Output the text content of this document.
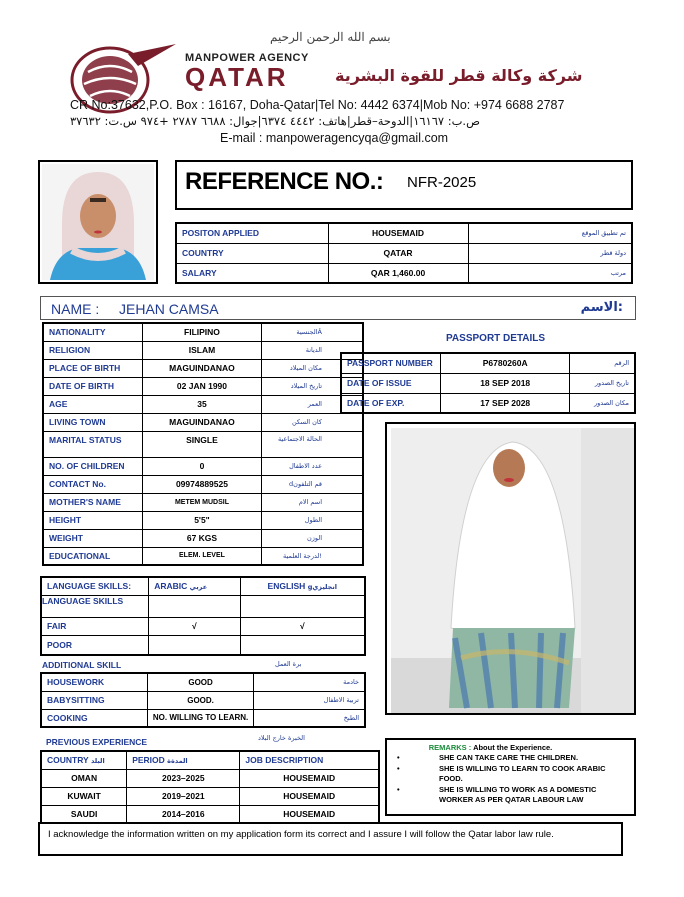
بسم الله الرحمن الرحيم
MANPOWER AGENCY
QATAR	شركة وكالة قطر للقوة البشرية
CR No:37632,P.O. Box : 16167, Doha-Qatar|Tel No: 4442 6374|Mob No: +974 6688 2787
ص.ب: ١٦١٦٧|الدوحة–قطر|هاتف: ٤٤٤٢ ٦٣٧٤|جوال: ٦٦٨٨ ٢٧٨٧ +٩٧٤ س.ت: ٣٧٦٣٢
E-mail : manpoweragencyqa@gmail.com
REFERENCE NO.: NFR-2025
POSITON APPLIED	HOUSEMAID	تم تطبيق الموقع
COUNTRY	QATAR	دولة قطر
SALARY	QAR 1,460.00	مرتب
NAME : JEHAN CAMSA	الاسم:
NATIONALITY	FILIPINO	الجنسيةÂ
RELIGION	ISLAM	الديانة
PLACE OF BIRTH	MAGUINDANAO	مكان الميلاد
DATE OF BIRTH	02 JAN 1990	تاريخ الميلاد
AGE	35	العمر
LIVING TOWN	MAGUINDANAO	كان السكن
MARITAL STATUS	SINGLE	الحالة الاجتماعية
NO. OF CHILDREN	0	عدد الاطفال
CONTACT No.	09974889525	dقم التلفون
MOTHER'S NAME	METEM MUDSIL	اسم الام
HEIGHT	5'5"	الطول
WEIGHT	67 KGS	الوزن
EDUCATIONAL	ELEM. LEVEL	لدرجة العلمية!
PASSPORT DETAILS
PASSPORT NUMBER	P6780260A	الرقم
DATE OF ISSUE	18 SEP 2018	تاريخ الصدور
DATE OF EXP.	17 SEP 2028	مكان الصدور
LANGUAGE SKILLS:	ARABIC عربي	ENGLISH gانجليزي
LANGUAGE SKILLS		
FAIR	√	√
POOR		
ADDITIONAL SKILL	برة العمل
HOUSEWORK	GOOD	خادمة
BABYSITTING	GOOD.	تربية الاطفال
COOKING	NO. WILLING TO LEARN.	الطبخ
PREVIOUS EXPERIENCE	الخبرة خارج البلاد
COUNTRY البلد	PERIOD المدةة	JOB DESCRIPTION
OMAN	2023–2025	HOUSEMAID
KUWAIT	2019–2021	HOUSEMAID
SAUDI	2014–2016	HOUSEMAID
REMARKS : About the Experience.
•	SHE CAN TAKE CARE THE CHILDREN.
•	SHE IS WILLING TO LEARN TO COOK ARABIC FOOD.
•	SHE IS WILLING TO WORK AS A DOMESTIC WORKER AS PER QATAR LABOUR LAW
I acknowledge the information written on my application form its correct and I assure I will follow the Qatar labor law rule.
